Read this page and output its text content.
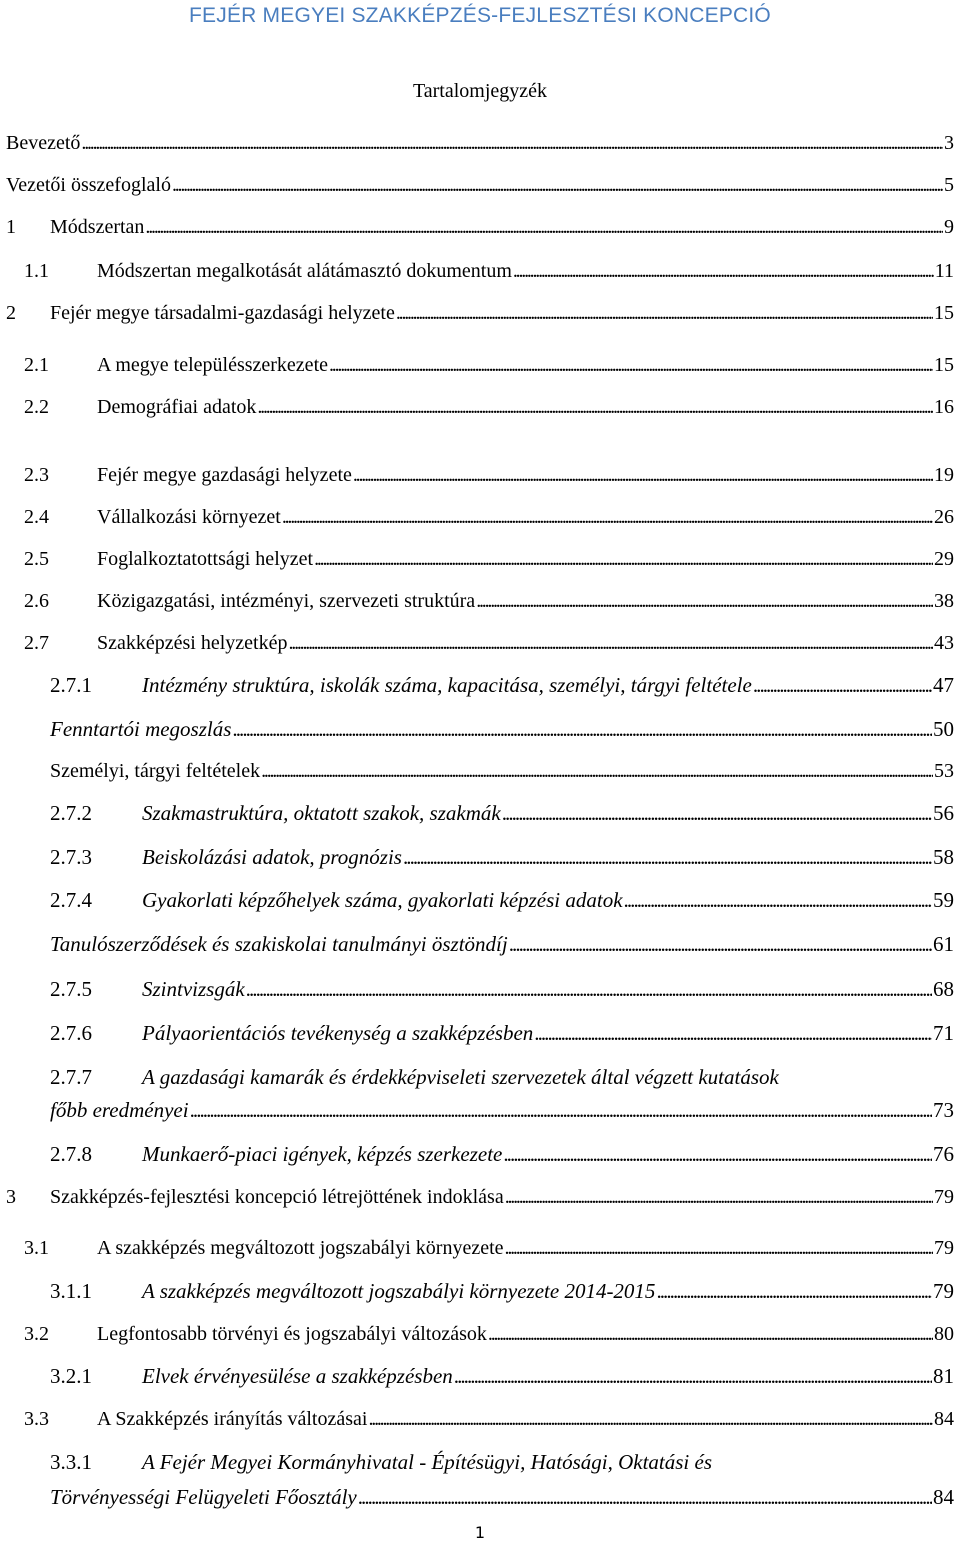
FEJÉR MEGYEI SZAKKÉPZÉS-FEJLESZTÉSI KONCEPCIÓ
Tartalomjegyzék
Bevezető . . .	3
Vezetői összefoglaló . . .	5
1	Módszertan . . .	9
1.1	Módszertan megalkotását alátámasztó dokumentum . . .	11
2	Fejér megye társadalmi-gazdasági helyzete . . .	15
2.1	A megye településszerkezete . . .	15
2.2	Demográfiai adatok . . .	16
2.3	Fejér megye gazdasági helyzete . . .	19
2.4	Vállalkozási környezet . . .	26
2.5	Foglalkoztatottsági helyzet . . .	29
2.6	Közigazgatási, intézményi, szervezeti struktúra . . .	38
2.7	Szakképzési helyzetkép . . .	43
2.7.1	Intézmény struktúra, iskolák száma, kapacitása, személyi, tárgyi feltétele . . .	47
Fenntartói megoszlás . . .	50
Személyi, tárgyi feltételek . . .	53
2.7.2	Szakmastruktúra, oktatott szakok, szakmák . . .	56
2.7.3	Beiskolázási adatok, prognózis . . .	58
2.7.4	Gyakorlati képzőhelyek száma, gyakorlati képzési adatok . . .	59
Tanulószerződések és szakiskolai tanulmányi ösztöndíj . . .	61
2.7.5	Szintvizsgák . . .	68
2.7.6	Pályaorientációs tevékenység a szakképzésben . . .	71
2.7.7 A gazdasági kamarák és érdekképviseleti szervezetek által végzett kutatások
főbb eredményei . . .	73
2.7.8	Munkaerő-piaci igények, képzés szerkezete . . .	76
3	Szakképzés-fejlesztési koncepció létrejöttének indoklása . . .	79
3.1	A szakképzés megváltozott jogszabályi környezete . . .	79
3.1.1	A szakképzés megváltozott jogszabályi környezete 2014-2015 . . .	79
3.2	Legfontosabb törvényi és jogszabályi változások . . .	80
3.2.1	Elvek érvényesülése a szakképzésben . . .	81
3.3	A Szakképzés irányítás változásai . . .	84
3.3.1 A Fejér Megyei Kormányhivatal - Építésügyi, Hatósági, Oktatási és
Törvényességi Felügyeleti Főosztály . . .	84
1
